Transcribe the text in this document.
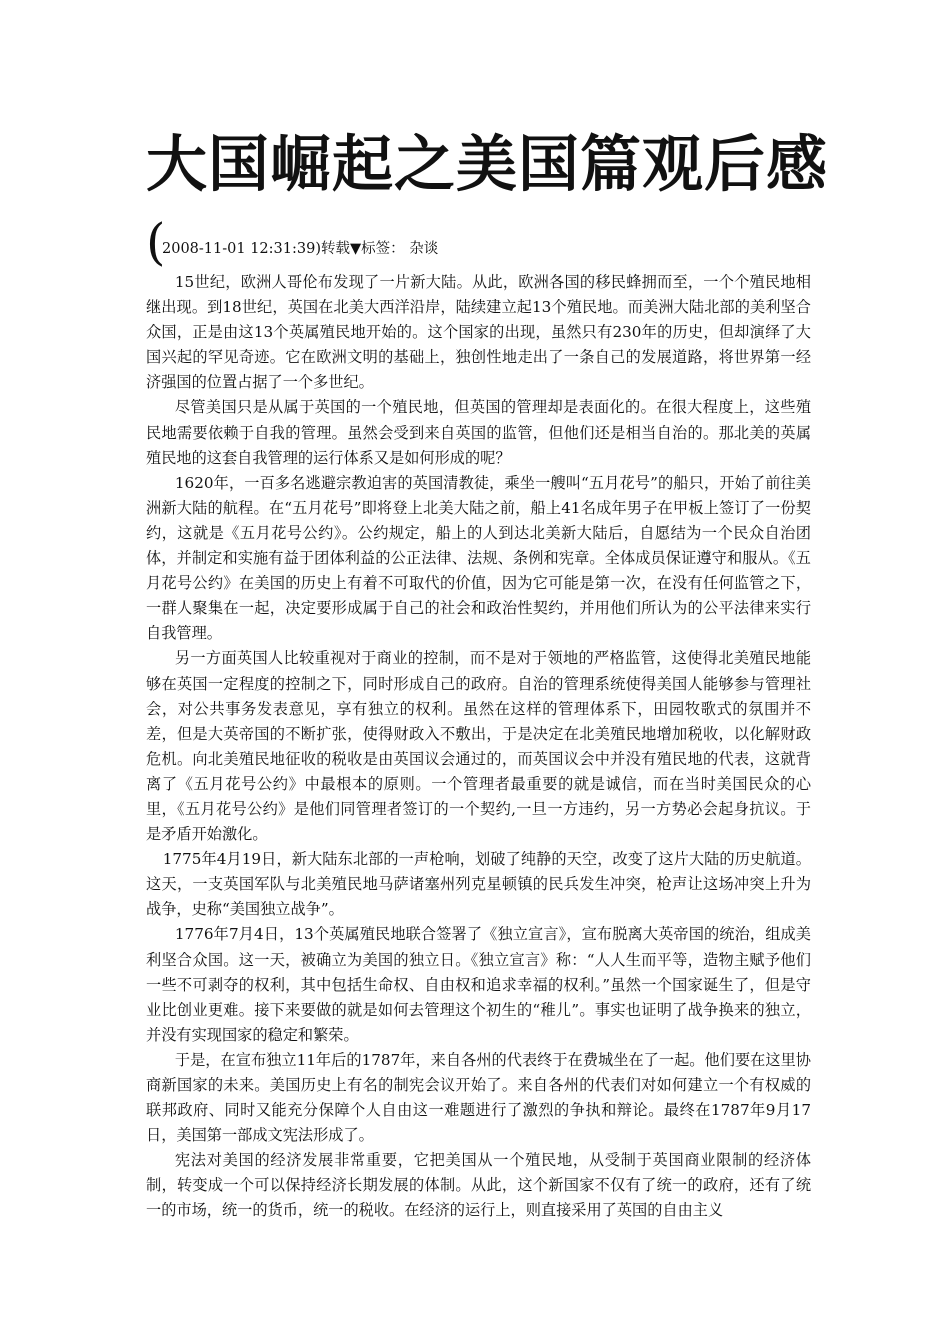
大国崛起之美国篇观后感
(
2008-11-01 12:31:39)转载▼标签： 杂谈

15世纪，欧洲人哥伦布发现了一片新大陆。从此，欧洲各国的移民蜂拥而至，一个个殖民地相继出现。到18世纪，英国在北美大西洋沿岸，陆续建立起13个殖民地。而美洲大陆北部的美利坚合众国，正是由这13个英属殖民地开始的。这个国家的出现，虽然只有230年的历史，但却演绎了大国兴起的罕见奇迹。它在欧洲文明的基础上，独创性地走出了一条自己的发展道路，将世界第一经济强国的位置占据了一个多世纪。

尽管美国只是从属于英国的一个殖民地，但英国的管理却是表面化的。在很大程度上，这些殖民地需要依赖于自我的管理。虽然会受到来自英国的监管，但他们还是相当自治的。那北美的英属殖民地的这套自我管理的运行体系又是如何形成的呢？

1620年，一百多名逃避宗教迫害的英国清教徒，乘坐一艘叫“五月花号”的船只，开始了前往美洲新大陆的航程。在“五月花号”即将登上北美大陆之前，船上41名成年男子在甲板上签订了一份契约，这就是《五月花号公约》。公约规定，船上的人到达北美新大陆后，自愿结为一个民众自治团体，并制定和实施有益于团体利益的公正法律、法规、条例和宪章。全体成员保证遵守和服从。《五月花号公约》在美国的历史上有着不可取代的价值，因为它可能是第一次，在没有任何监管之下，一群人聚集在一起，决定要形成属于自己的社会和政治性契约，并用他们所认为的公平法律来实行自我管理。

另一方面英国人比较重视对于商业的控制，而不是对于领地的严格监管，这使得北美殖民地能够在英国一定程度的控制之下，同时形成自己的政府。自治的管理系统使得美国人能够参与管理社会，对公共事务发表意见，享有独立的权利。虽然在这样的管理体系下，田园牧歌式的氛围并不差，但是大英帝国的不断扩张，使得财政入不敷出，于是决定在北美殖民地增加税收，以化解财政危机。向北美殖民地征收的税收是由英国议会通过的，而英国议会中并没有殖民地的代表，这就背离了《五月花号公约》中最根本的原则。一个管理者最重要的就是诚信，而在当时美国民众的心里，《五月花号公约》是他们同管理者签订的一个契约,一旦一方违约，另一方势必会起身抗议。于是矛盾开始激化。

1775年4月19日，新大陆东北部的一声枪响，划破了纯静的天空，改变了这片大陆的历史航道。这天，一支英国军队与北美殖民地马萨诸塞州列克星顿镇的民兵发生冲突，枪声让这场冲突上升为战争，史称“美国独立战争”。

1776年7月4日，13个英属殖民地联合签署了《独立宣言》，宣布脱离大英帝国的统治，组成美利坚合众国。这一天，被确立为美国的独立日。《独立宣言》称：“人人生而平等，造物主赋予他们一些不可剥夺的权利，其中包括生命权、自由权和追求幸福的权利。”虽然一个国家诞生了，但是守业比创业更难。接下来要做的就是如何去管理这个初生的“稚儿”。事实也证明了战争换来的独立，并没有实现国家的稳定和繁荣。

于是，在宣布独立11年后的1787年，来自各州的代表终于在费城坐在了一起。他们要在这里协商新国家的未来。美国历史上有名的制宪会议开始了。来自各州的代表们对如何建立一个有权威的联邦政府、同时又能充分保障个人自由这一难题进行了激烈的争执和辩论。最终在1787年9月17日，美国第一部成文宪法形成了。

宪法对美国的经济发展非常重要，它把美国从一个殖民地，从受制于英国商业限制的经济体制，转变成一个可以保持经济长期发展的体制。从此，这个新国家不仅有了统一的政府，还有了统一的市场，统一的货币，统一的税收。在经济的运行上，则直接采用了英国的自由主义
